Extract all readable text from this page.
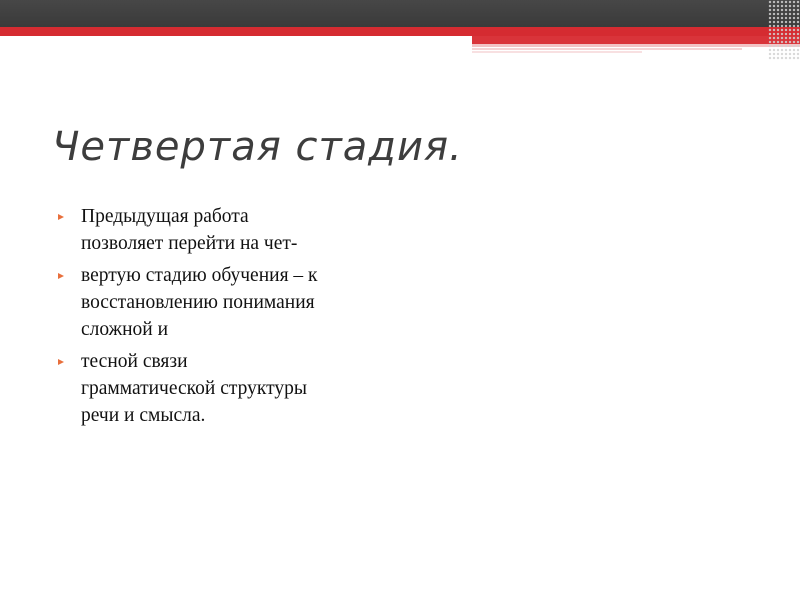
Четвертая стадия.
Предыдущая работа
позволяет перейти на чет-
вертую стадию обучения – к
восстановлению понимания
сложной и
тесной связи
грамматической структуры
речи и смысла.
